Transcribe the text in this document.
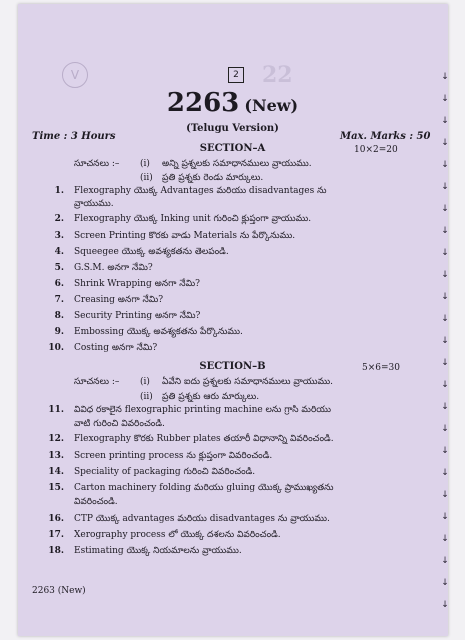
V	22
2
2263 (New)
(Telugu Version)
Time : 3 Hours	Max. Marks : 50
SECTION–A	10×2=20
సూచనలు :– (i) అన్ని ప్రశ్నలకు సమాధానములు వ్రాయుము.
(ii) ప్రతి ప్రశ్నకు రెండు మార్కులు.
1. Flexography యొక్క Advantages మరియు disadvantages ను
వ్రాయుము.
2. Flexography యొక్క Inking unit గురించి క్లుప్తంగా వ్రాయుము.
3. Screen Printing కొరకు వాడు Materials ను పేర్కొనుము.
4. Squeegee యొక్క అవశ్యకతను తెలపండి.
5. G.S.M. అనగా నేమి?
6. Shrink Wrapping అనగా నేమి?
7. Creasing అనగా నేమి?
8. Security Printing అనగా నేమి?
9. Embossing యొక్క అవశ్యకతను పేర్కొనుము.
10. Costing అనగా నేమి?
SECTION–B	5×6=30
సూచనలు :– (i) ఏవేని ఐదు ప్రశ్నలకు సమాధానములు వ్రాయుము.
(ii) ప్రతి ప్రశ్నకు ఆరు మార్కులు.
11. వివిధ రకాలైన flexographic printing machine లను గ్రాసి మరియు
వాటి గురించి వివరించండి.
12. Flexography కొరకు Rubber plates తయారీ విధానాన్ని వివరించండి.
13. Screen printing process ను క్లుప్తంగా వివరించండి.
14. Speciality of packaging గురించి వివరించండి.
15. Carton machinery folding మరియు gluing యొక్క ప్రాముఖ్యతను
వివరించండి.
16. CTP యొక్క advantages మరియు disadvantages ను వ్రాయుము.
17. Xerography process లో యొక్క దశలను వివరించండి.
18. Estimating యొక్క నియమాలను వ్రాయుము.
2263 (New)
↓
↓
↓
↓
↓
↓
↓
↓
↓
↓
↓
↓
↓
↓
↓
↓
↓
↓
↓
↓
↓
↓
↓
↓
↓
